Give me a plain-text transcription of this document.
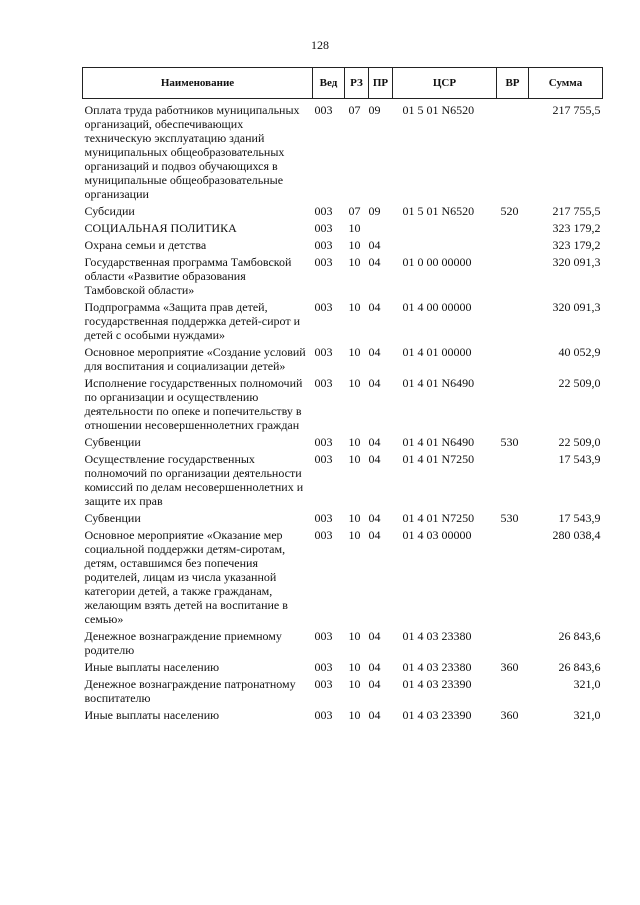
128
Наименование	Вед	РЗ	ПР	ЦСР	ВР	Сумма
Оплата труда работников муниципальных организаций, обеспечивающих техническую эксплуатацию зданий муниципальных общеобразовательных организаций и подвоз обучающихся в муниципальные общеобразовательные организации	003	07	09	01 5 01 N6520		217 755,5
Субсидии	003	07	09	01 5 01 N6520	520	217 755,5
СОЦИАЛЬНАЯ ПОЛИТИКА	003	10				323 179,2
Охрана семьи и детства	003	10	04			323 179,2
Государственная программа Тамбовской области «Развитие образования Тамбовской области»	003	10	04	01 0 00 00000		320 091,3
Подпрограмма «Защита прав детей, государственная поддержка детей-сирот и детей с особыми нуждами»	003	10	04	01 4 00 00000		320 091,3
Основное мероприятие «Создание условий для воспитания и социализации детей»	003	10	04	01 4 01 00000		40 052,9
Исполнение государственных полномочий по организации и осуществлению деятельности по опеке и попечительству в отношении несовершеннолетних граждан	003	10	04	01 4 01 N6490		22 509,0
Субвенции	003	10	04	01 4 01 N6490	530	22 509,0
Осуществление государственных полномочий по организации деятельности комиссий по делам несовершеннолетних и защите их прав	003	10	04	01 4 01 N7250		17 543,9
Субвенции	003	10	04	01 4 01 N7250	530	17 543,9
Основное мероприятие «Оказание мер социальной поддержки детям-сиротам, детям, оставшимся без попечения родителей, лицам из числа указанной категории детей, а также гражданам, желающим взять детей на воспитание в семью»	003	10	04	01 4 03 00000		280 038,4
Денежное вознаграждение приемному родителю	003	10	04	01 4 03 23380		26 843,6
Иные выплаты населению	003	10	04	01 4 03 23380	360	26 843,6
Денежное вознаграждение патронатному воспитателю	003	10	04	01 4 03 23390		321,0
Иные выплаты населению	003	10	04	01 4 03 23390	360	321,0
